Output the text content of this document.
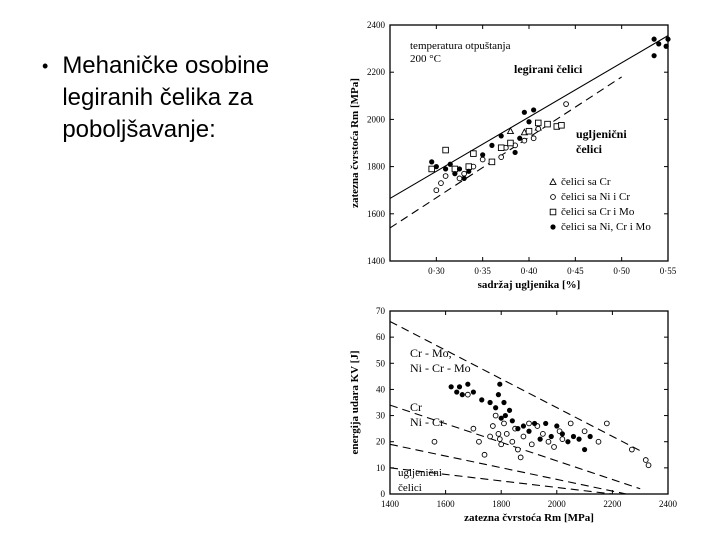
• Mehaničke osobine legiranih čelika za poboljšavanje:
0·30	0·35	0·40	0·45	0·50	0·55
1400
1600
1800
2000
2200
2400
sadržaj ugljenika [%]
zatezna čvrstoća Rm [MPa]
temperatura otpuštanja
200 °C
legirani čelici
ugljenični
čelici
čelici sa Cr
čelici sa Ni i Cr
čelici sa Cr i Mo
čelici sa Ni, Cr i Mo
1400	1600	1800	2000	2200	2400
0
10
20
30
40
50
60
70
zatezna čvrstoća Rm [MPa]
energija udara KV [J]	Cr - Mo,
Ni - Cr - Mo
Cr
Ni - Cr
ugljenični
čelici
